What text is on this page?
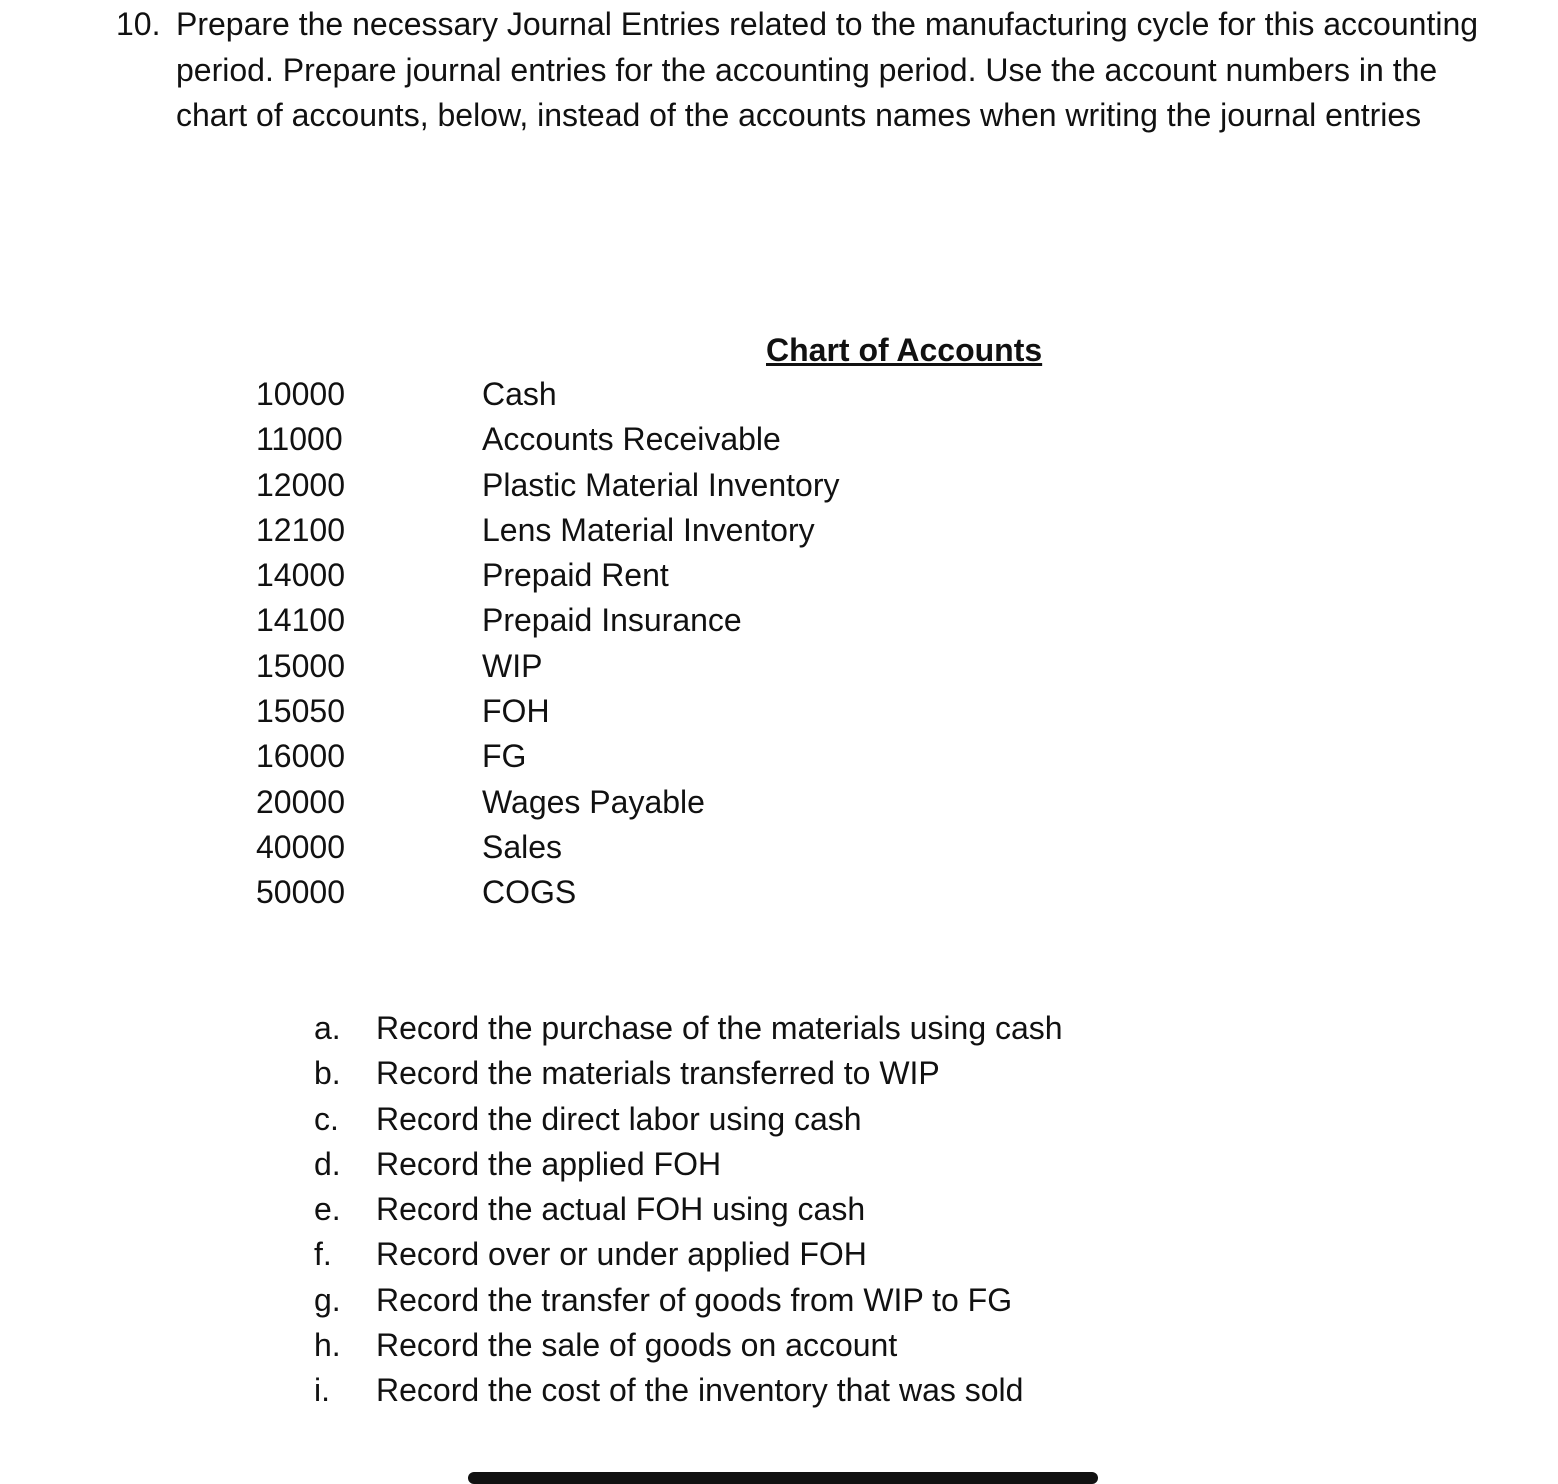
10. Prepare the necessary Journal Entries related to the manufacturing cycle for this accounting period. Prepare journal entries for the accounting period. Use the account numbers in the chart of accounts, below, instead of the accounts names when writing the journal entries
Chart of Accounts
10000	Cash
11000	Accounts Receivable
12000	Plastic Material Inventory
12100	Lens Material Inventory
14000	Prepaid Rent
14100	Prepaid Insurance
15000	WIP
15050	FOH
16000	FG
20000	Wages Payable
40000	Sales
50000	COGS
a.	Record the purchase of the materials using cash
b.	Record the materials transferred to WIP
c.	Record the direct labor using cash
d.	Record the applied FOH
e.	Record the actual FOH using cash
f.	Record over or under applied FOH
g.	Record the transfer of goods from WIP to FG
h.	Record the sale of goods on account
i.	Record the cost of the inventory that was sold
